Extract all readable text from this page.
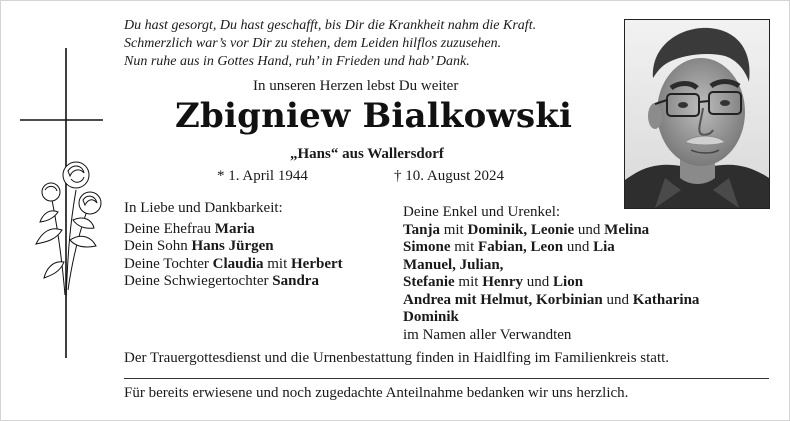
Du hast gesorgt, Du hast geschafft, bis Dir die Krankheit nahm die Kraft.
Schmerzlich war’s vor Dir zu stehen, dem Leiden hilflos zuzusehen.
Nun ruhe aus in Gottes Hand, ruh’ in Frieden und hab’ Dank.
In unseren Herzen lebst Du weiter
Zbigniew Bialkowski
„Hans“ aus Wallersdorf
* 1. April 1944	† 10. August 2024
In Liebe und Dankbarkeit:
Deine Ehefrau Maria
Dein Sohn Hans Jürgen
Deine Tochter Claudia mit Herbert
Deine Schwiegertochter Sandra
Deine Enkel und Urenkel:
Tanja mit Dominik, Leonie und Melina
Simone mit Fabian, Leon und Lia
Manuel, Julian,
Stefanie mit Henry und Lion
Andrea mit Helmut, Korbinian und Katharina
Dominik
im Namen aller Verwandten
Der Trauergottesdienst und die Urnenbestattung finden in Haidlfing im Familienkreis statt.
Für bereits erwiesene und noch zugedachte Anteilnahme bedanken wir uns herzlich.
